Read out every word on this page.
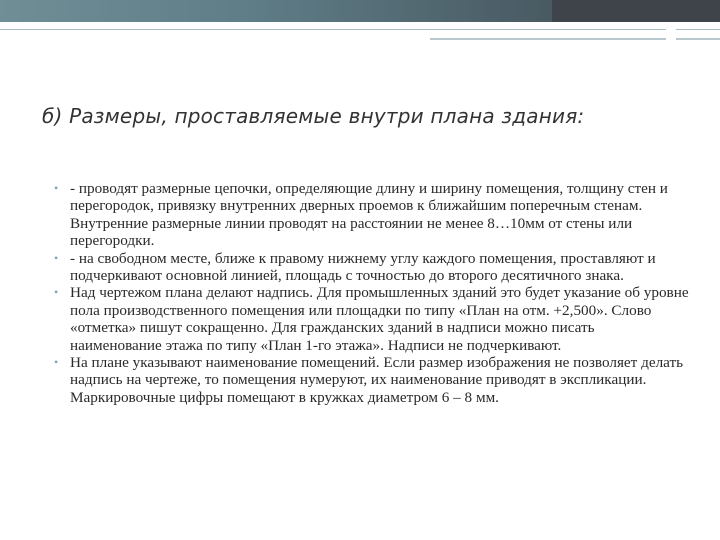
б) Размеры, проставляемые внутри плана здания:

• - проводят размерные цепочки, определяющие длину и ширину помещения, толщину стен и перегородок, привязку внутренних дверных проемов к ближайшим поперечным стенам. Внутренние размерные линии проводят на расстоянии не менее 8…10мм от стены или перегородки.

• - на свободном месте, ближе к правому нижнему углу каждого помещения, проставляют и подчеркивают основной линией, площадь с точностью до второго десятичного знака.

• Над чертежом плана делают надпись. Для промышленных зданий это будет указание об уровне пола производственного помещения или площадки по типу «План на отм. +2,500». Слово «отметка» пишут сокращенно. Для гражданских зданий в надписи можно писать наименование этажа по типу «План 1-го этажа». Надписи не подчеркивают.

• На плане указывают наименование помещений. Если размер изображения не позволяет делать надпись на чертеже, то помещения нумеруют, их наименование приводят в экспликации. Маркировочные цифры помещают в кружках диаметром 6 – 8 мм.
